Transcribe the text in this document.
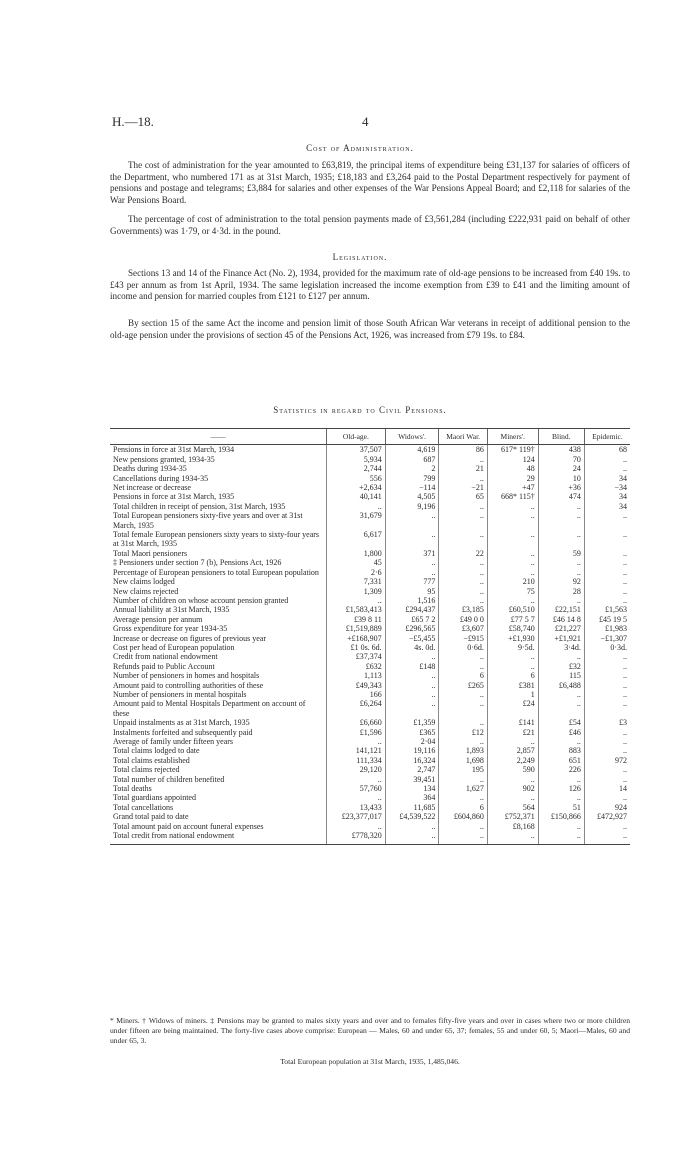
H.—18.	4
Cost of Administration.
The cost of administration for the year amounted to £63,819, the principal items of expenditure being £31,137 for salaries of officers of the Department, who numbered 171 as at 31st March, 1935; £18,183 and £3,264 paid to the Postal Department respectively for payment of pensions and postage and telegrams; £3,884 for salaries and other expenses of the War Pensions Appeal Board; and £2,118 for salaries of the War Pensions Board.
The percentage of cost of administration to the total pension payments made of £3,561,284 (including £222,931 paid on behalf of other Governments) was 1·79, or 4·3d. in the pound.
Legislation.
Sections 13 and 14 of the Finance Act (No. 2), 1934, provided for the maximum rate of old-age pensions to be increased from £40 19s. to £43 per annum as from 1st April, 1934. The same legislation increased the income exemption from £39 to £41 and the limiting amount of income and pension for married couples from £121 to £127 per annum.
By section 15 of the same Act the income and pension limit of those South African War veterans in receipt of additional pension to the old-age pension under the provisions of section 45 of the Pensions Act, 1926, was increased from £79 19s. to £84.
Statistics in regard to Civil Pensions.
——	Old-age.	Widows'.	Maori War.	Miners'.	Blind.	Epidemic.
Pensions in force at 31st March, 1934	37,507	4,619	86	617* 119†	438	68
New pensions granted, 1934-35	5,934	687	..	124	70	..
Deaths during 1934-35	2,744	2	21	48	24	..
Cancellations during 1934-35	556	799	..	29	10	34
Net increase or decrease	+2,634	−114	−21	+47	+36	−34
Pensions in force at 31st March, 1935	40,141	4,505	65	668* 115†	474	34
Total children in receipt of pension, 31st March, 1935	..	9,196	..	..	..	34
Total European pensioners sixty-five years and over at 31st March, 1935	31,679	..	..	..	..	..
Total female European pensioners sixty years to sixty-four years at 31st March, 1935	6,617	..	..	..	..	..
Total Maori pensioners	1,800	371	22	..	59	..
‡ Pensioners under section 7 (b), Pensions Act, 1926	45	..	..	..	..	..
Percentage of European pensioners to total European population	2·6	..	..	..	..	..
New claims lodged	7,331	777	..	210	92	..
New claims rejected	1,309	95	..	75	28	..
Number of children on whose account pension granted	..	1,516	..	..	..	..
Annual liability at 31st March, 1935	£1,583,413	£294,437	£3,185	£60,510	£22,151	£1,563
Average pension per annum	£39 8 11	£65 7 2	£49 0 0	£77 5 7	£46 14 8	£45 19 5
Gross expenditure for year 1934-35	£1,519,889	£296,565	£3,607	£58,740	£21,227	£1,983
Increase or decrease on figures of previous year	+£168,907	−£5,455	−£915	+£1,930	+£1,921	−£1,307
Cost per head of European population	£1 0s. 6d.	4s. 0d.	0·6d.	9·5d.	3·4d.	0·3d.
Credit from national endowment	£37,374	..	..	..	..	..
Refunds paid to Public Account	£632	£148	..	..	£32	..
Number of pensioners in homes and hospitals	1,113	..	6	6	115	..
Amount paid to controlling authorities of these	£49,343	..	£265	£381	£6,488	..
Number of pensioners in mental hospitals	166	..	..	1	..	..
Amount paid to Mental Hospitals Department on account of these	£6,264	..	..	£24	..	..
Unpaid instalments as at 31st March, 1935	£6,660	£1,359	..	£141	£54	£3
Instalments forfeited and subsequently paid	£1,596	£365	£12	£21	£46	..
Average of family under fifteen years	..	2·04	..	..	..	..
Total claims lodged to date	141,121	19,116	1,893	2,857	883	..
Total claims established	111,334	16,324	1,698	2,249	651	972
Total claims rejected	29,120	2,747	195	590	226	..
Total number of children benefited	..	39,451	..	..	..	..
Total deaths	57,760	134	1,627	902	126	14
Total guardians appointed	..	364	..	..	..	..
Total cancellations	13,433	11,685	6	564	51	924
Grand total paid to date	£23,377,017	£4,539,522	£604,860	£752,371	£150,866	£472,927
Total amount paid on account funeral expenses	..	..	..	£8,168	..	..
Total credit from national endowment	£778,320	..	..	..	..	..
* Miners. † Widows of miners. ‡ Pensions may be granted to males sixty years and over and to females fifty-five years and over in cases where two or more children under fifteen are being maintained. The forty-five cases above comprise: European — Males, 60 and under 65, 37; females, 55 and under 60, 5; Maori—Males, 60 and under 65, 3.
Total European population at 31st March, 1935, 1,485,046.
